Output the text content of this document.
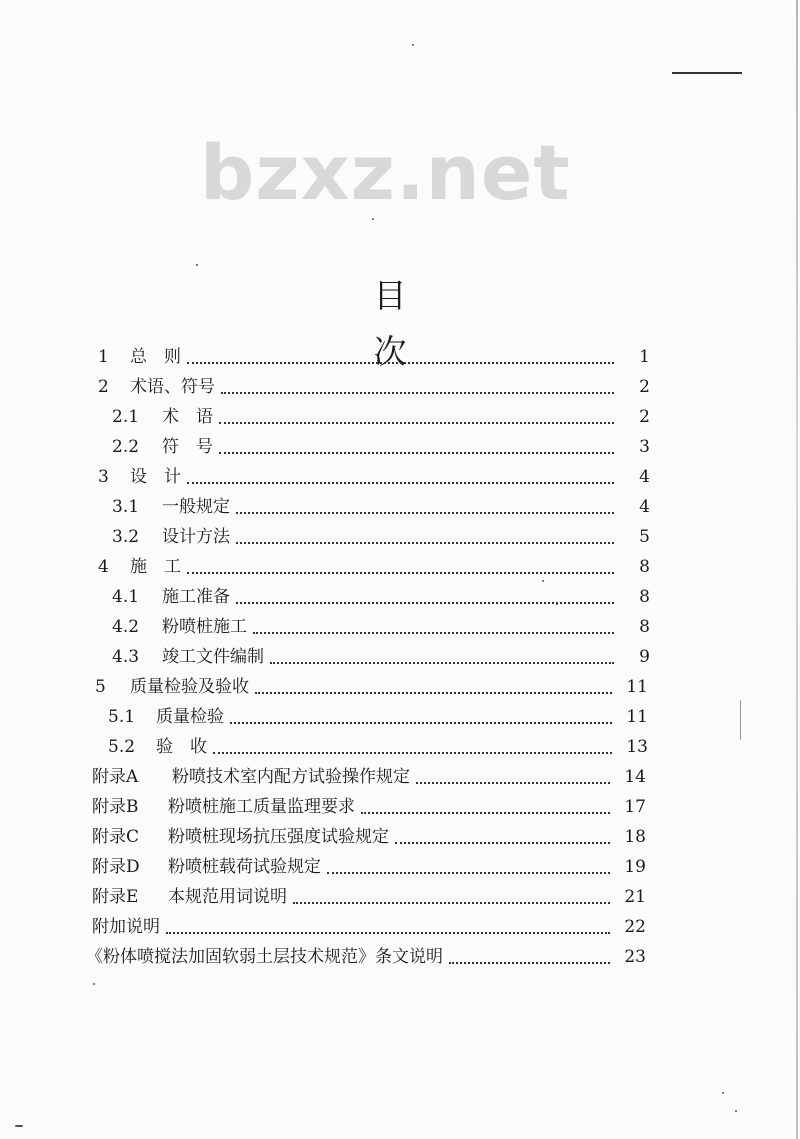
bzxz.net
目 次
1	总　则	1
2	术语、符号	2
2.1	术　语	2
2.2	符　号	3
3	设　计	4
3.1	一般规定	4
3.2	设计方法	5
4	施　工	8
4.1	施工准备	8
4.2	粉喷桩施工	8
4.3	竣工文件编制	9
5	质量检验及验收	11
5.1	质量检验	11
5.2	验　收	13
附录A	粉喷技术室内配方试验操作规定	14
附录B	粉喷桩施工质量监理要求	17
附录C	粉喷桩现场抗压强度试验规定	18
附录D	粉喷桩载荷试验规定	19
附录E	本规范用词说明	21
附加说明	22
《粉体喷搅法加固软弱土层技术规范》条文说明	23
